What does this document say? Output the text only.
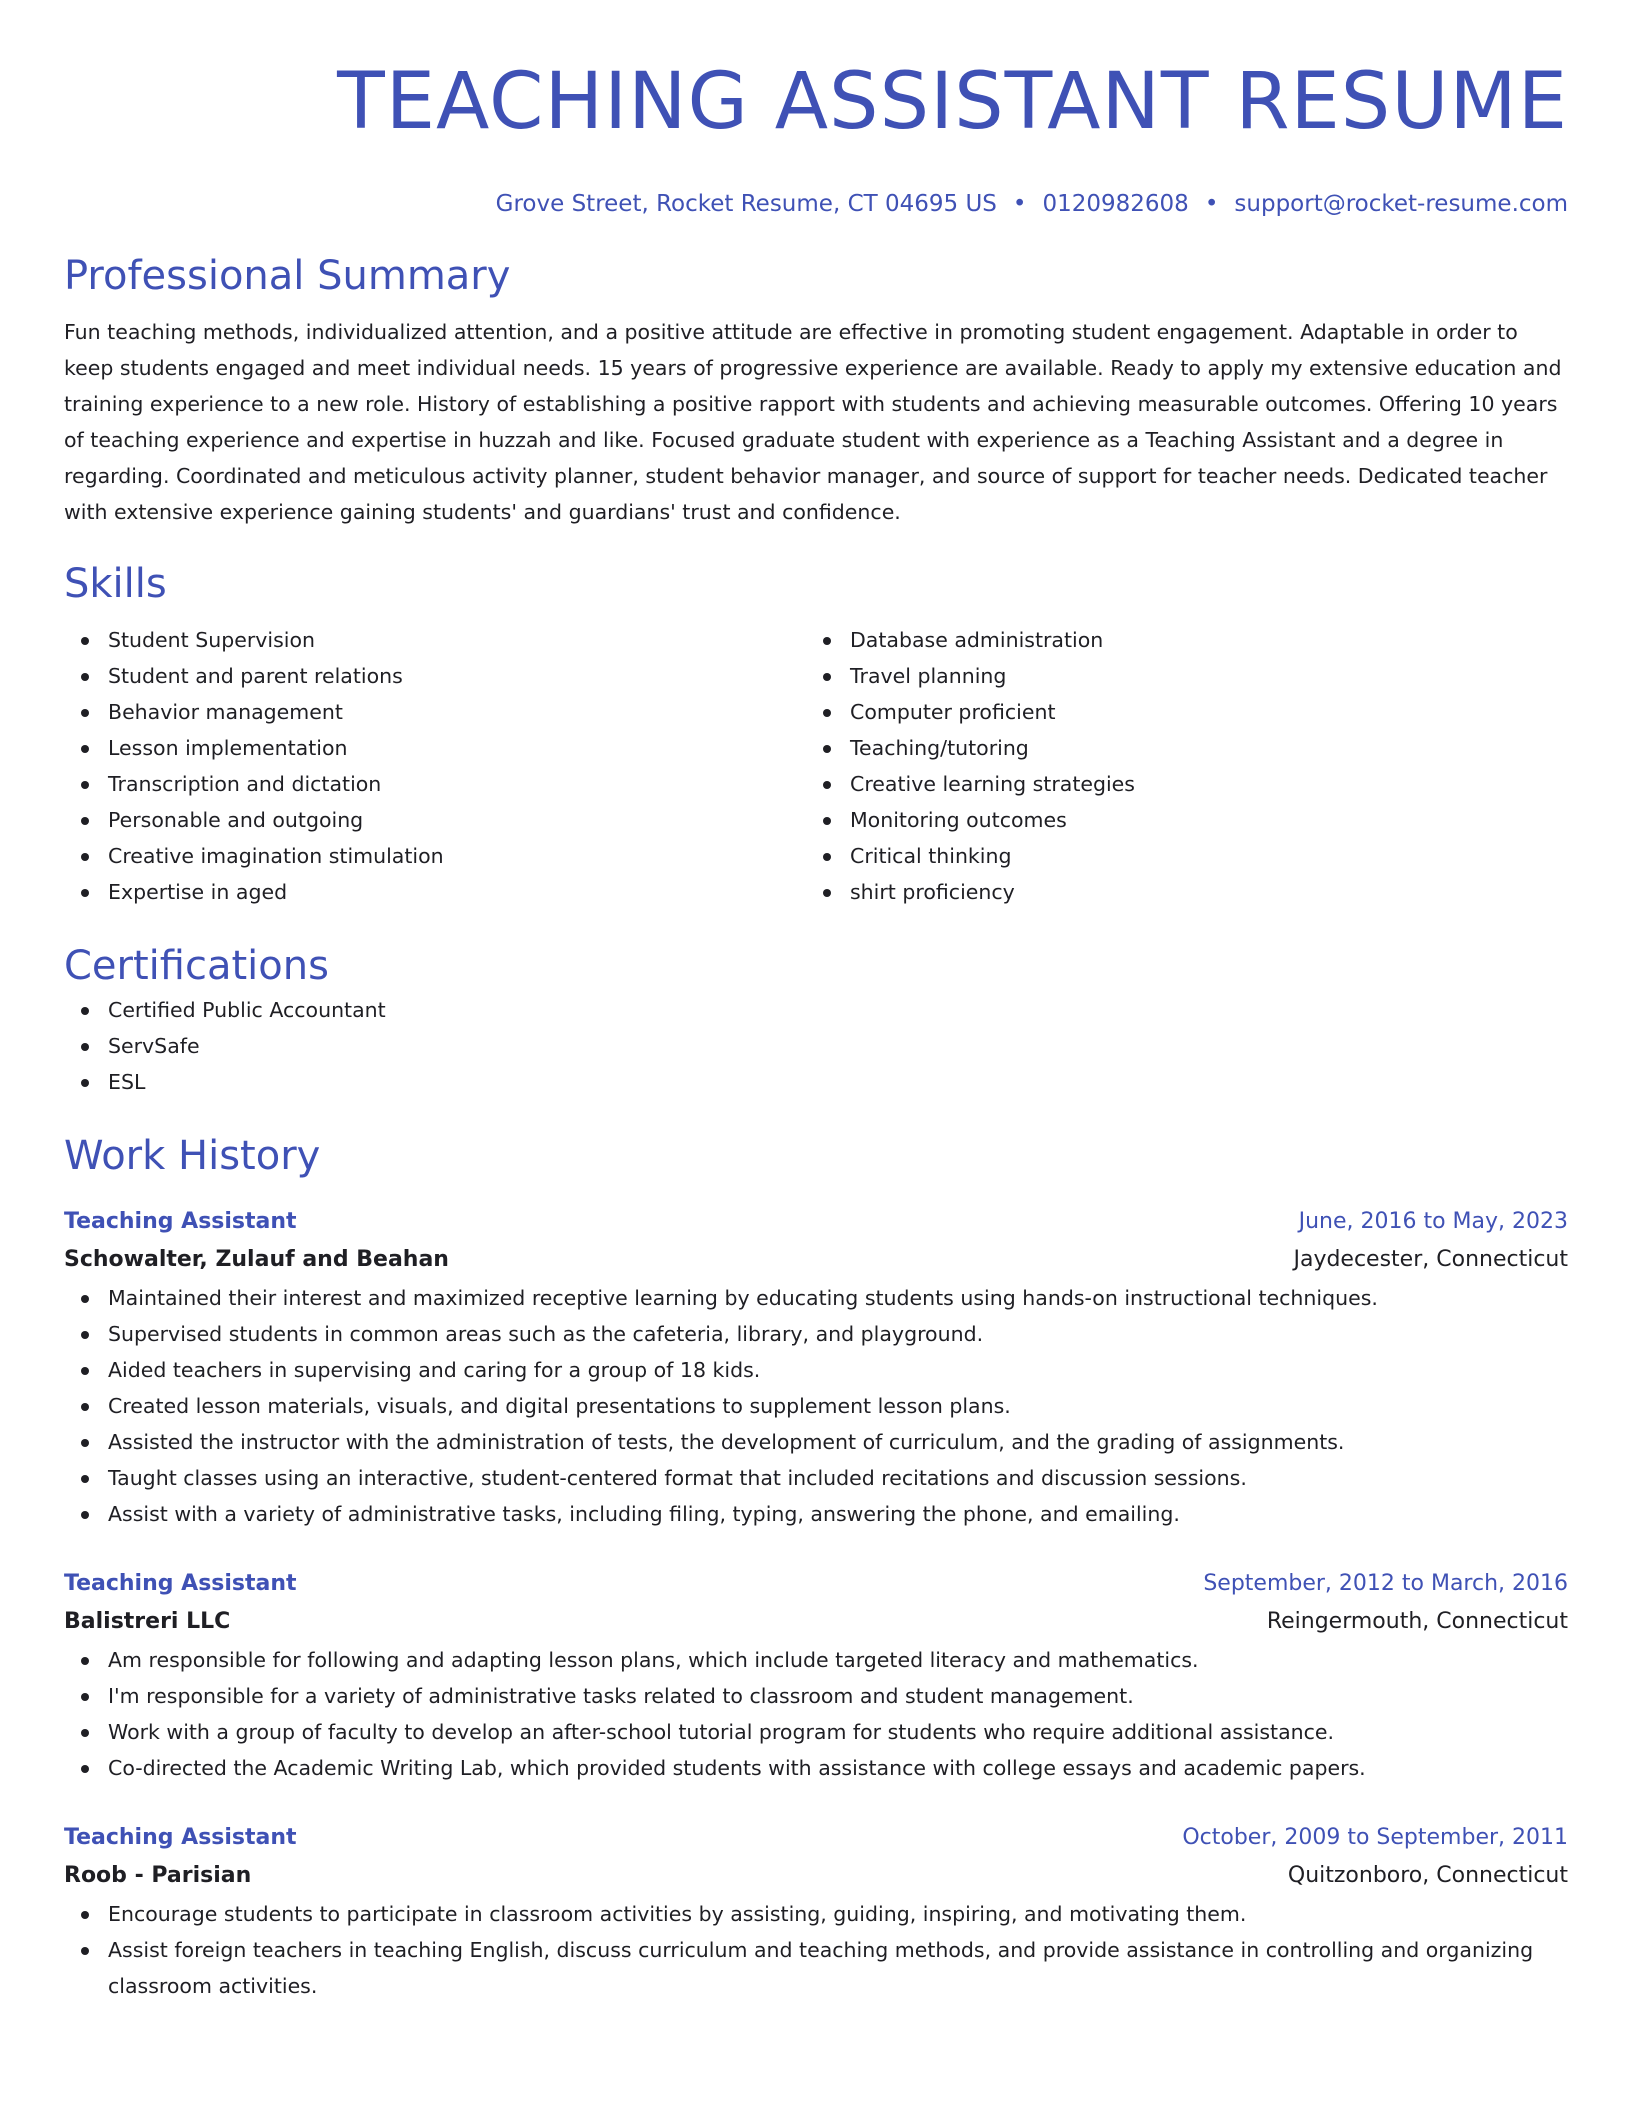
TEACHING ASSISTANT RESUME
Grove Street, Rocket Resume, CT 04695 US • 0120982608 • support@rocket-resume.com
Professional Summary

Fun teaching methods, individualized attention, and a positive attitude are effective in promoting student engagement. Adaptable in order to keep students engaged and meet individual needs. 15 years of progressive experience are available. Ready to apply my extensive education and training experience to a new role. History of establishing a positive rapport with students and achieving measurable outcomes. Offering 10 years of teaching experience and expertise in huzzah and like. Focused graduate student with experience as a Teaching Assistant and a degree in regarding. Coordinated and meticulous activity planner, student behavior manager, and source of support for teacher needs. Dedicated teacher with extensive experience gaining students' and guardians' trust and confidence.

Skills
Student Supervision
Student and parent relations
Behavior management
Lesson implementation
Transcription and dictation
Personable and outgoing
Creative imagination stimulation
Expertise in aged
Database administration
Travel planning
Computer proficient
Teaching/tutoring
Creative learning strategies
Monitoring outcomes
Critical thinking
shirt proficiency
Certifications
Certified Public Accountant
ServSafe
ESL
Work History
Teaching Assistant	June, 2016 to May, 2023
Schowalter, Zulauf and Beahan	Jaydecester, Connecticut
Maintained their interest and maximized receptive learning by educating students using hands-on instructional techniques.
Supervised students in common areas such as the cafeteria, library, and playground.
Aided teachers in supervising and caring for a group of 18 kids.
Created lesson materials, visuals, and digital presentations to supplement lesson plans.
Assisted the instructor with the administration of tests, the development of curriculum, and the grading of assignments.
Taught classes using an interactive, student-centered format that included recitations and discussion sessions.
Assist with a variety of administrative tasks, including filing, typing, answering the phone, and emailing.
Teaching Assistant	September, 2012 to March, 2016
Balistreri LLC	Reingermouth, Connecticut
Am responsible for following and adapting lesson plans, which include targeted literacy and mathematics.
I'm responsible for a variety of administrative tasks related to classroom and student management.
Work with a group of faculty to develop an after-school tutorial program for students who require additional assistance.
Co-directed the Academic Writing Lab, which provided students with assistance with college essays and academic papers.
Teaching Assistant	October, 2009 to September, 2011
Roob - Parisian	Quitzonboro, Connecticut
Encourage students to participate in classroom activities by assisting, guiding, inspiring, and motivating them.
Assist foreign teachers in teaching English, discuss curriculum and teaching methods, and provide assistance in controlling and organizing classroom activities.
